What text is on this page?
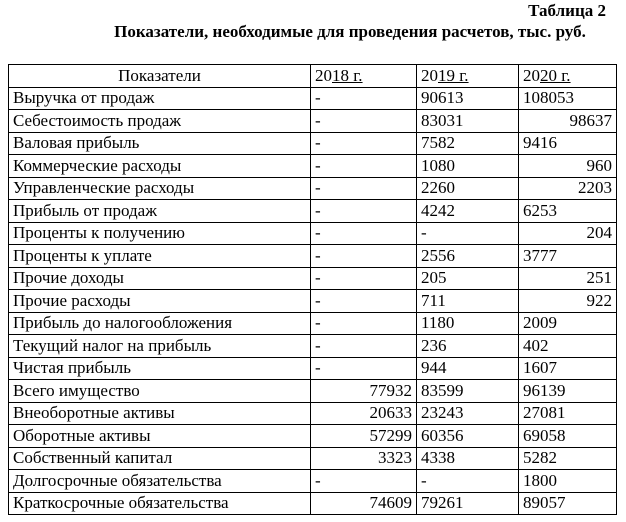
Таблица 2
Показатели, необходимые для проведения расчетов, тыс. руб.
Показатели	2018 г.	2019 г.	2020 г.
Выручка от продаж	-	90613	108053
Себестоимость продаж	-	83031	98637
Валовая прибыль	-	7582	9416
Коммерческие расходы	-	1080	960
Управленческие расходы	-	2260	2203
Прибыль от продаж	-	4242	6253
Проценты к получению	-	-	204
Проценты к уплате	-	2556	3777
Прочие доходы	-	205	251
Прочие расходы	-	711	922
Прибыль до налогообложения	-	1180	2009
Текущий налог на прибыль	-	236	402
Чистая прибыль	-	944	1607
Всего имущество	77932	83599	96139
Внеоборотные активы	20633	23243	27081
Оборотные активы	57299	60356	69058
Собственный капитал	3323	4338	5282
Долгосрочные обязательства	-	-	1800
Краткосрочные обязательства	74609	79261	89057
